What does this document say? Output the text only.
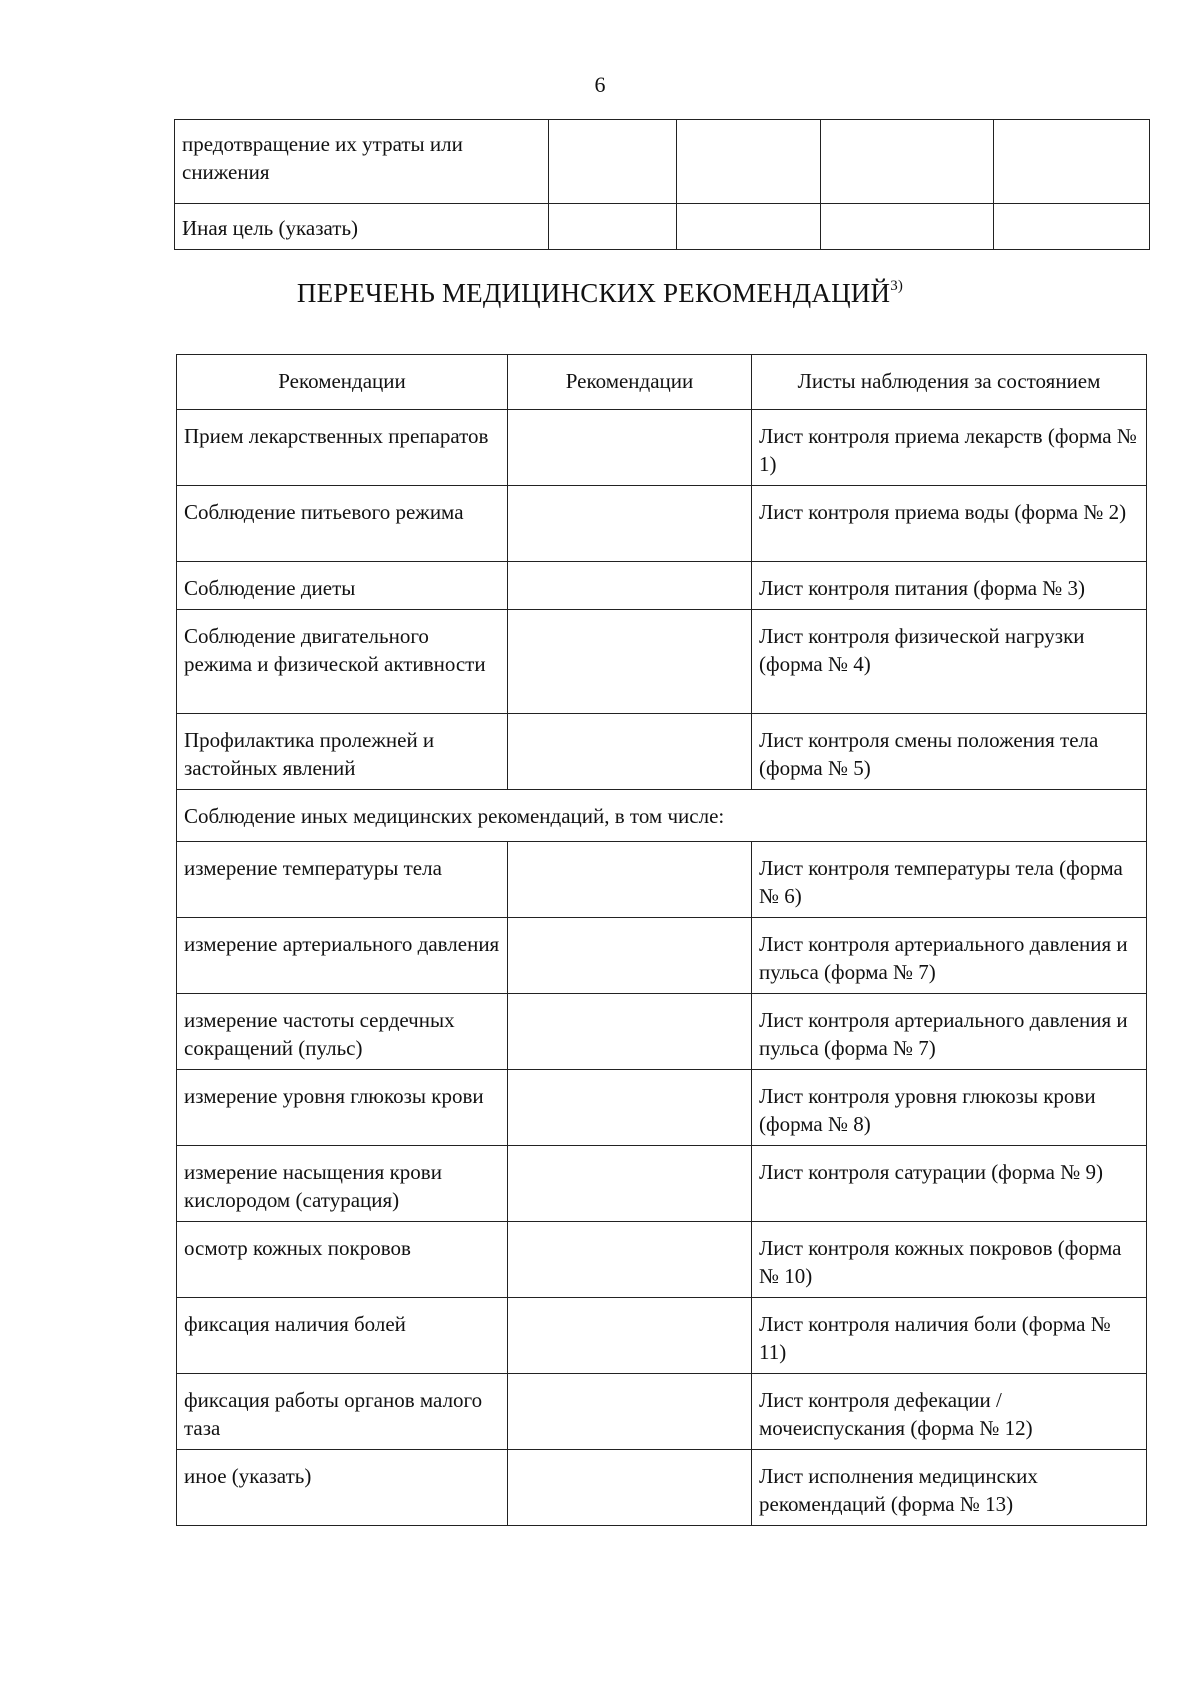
6
предотвращение их утраты или снижения				
Иная цель (указать)				
ПЕРЕЧЕНЬ МЕДИЦИНСКИХ РЕКОМЕНДАЦИЙ$^{3)}$
Рекомендации	Рекомендации	Листы наблюдения за состоянием
Прием лекарственных препаратов		Лист контроля приема лекарств (форма № 1)
Соблюдение питьевого режима		Лист контроля приема воды (форма № 2)
Соблюдение диеты		Лист контроля питания (форма № 3)
Соблюдение двигательного режима и физической активности		Лист контроля физической нагрузки (форма № 4)
Профилактика пролежней и застойных явлений		Лист контроля смены положения тела (форма № 5)
Соблюдение иных медицинских рекомендаций, в том числе:		
измерение температуры тела		Лист контроля температуры тела (форма № 6)
измерение артериального давления		Лист контроля артериального давления и пульса (форма № 7)
измерение частоты сердечных сокращений (пульс)		Лист контроля артериального давления и пульса (форма № 7)
измерение уровня глюкозы крови		Лист контроля уровня глюкозы крови (форма № 8)
измерение насыщения крови кислородом (сатурация)		Лист контроля сатурации (форма № 9)
осмотр кожных покровов		Лист контроля кожных покровов (форма № 10)
фиксация наличия болей		Лист контроля наличия боли (форма № 11)
фиксация работы органов малого таза		Лист контроля дефекации /мочеиспускания (форма № 12)
иное (указать)		Лист исполнения медицинских рекомендаций (форма № 13)
